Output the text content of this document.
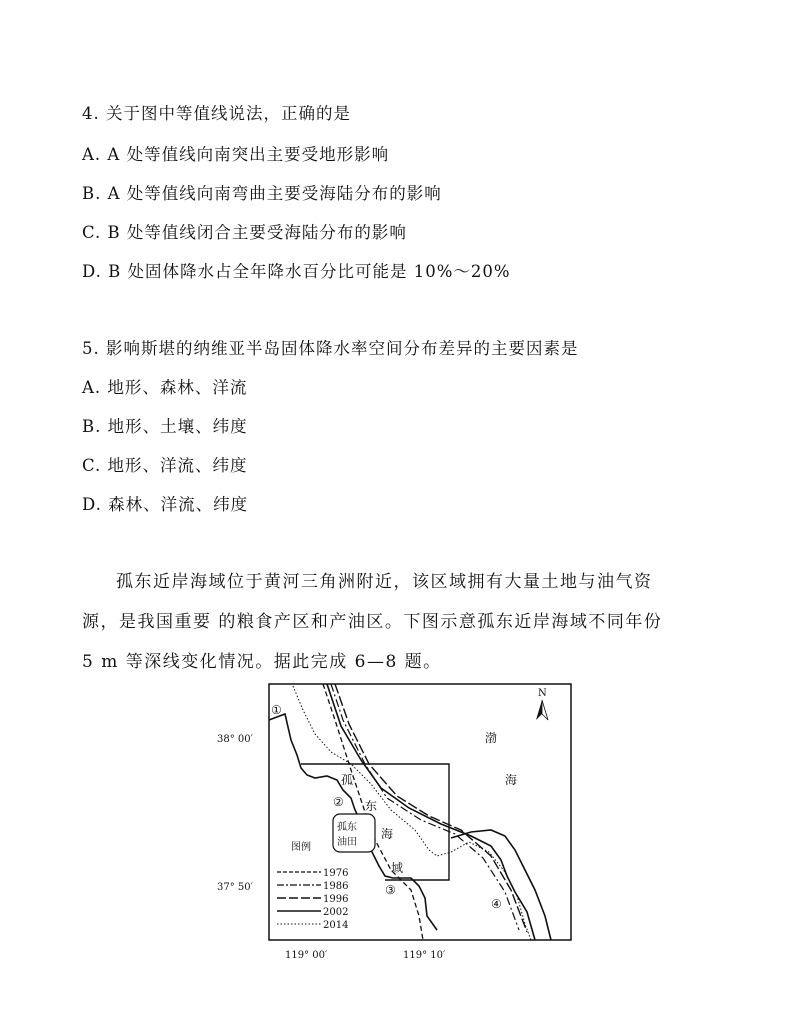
4. 关于图中等值线说法，正确的是
A. A 处等值线向南突出主要受地形影响
B. A 处等值线向南弯曲主要受海陆分布的影响
C. B 处等值线闭合主要受海陆分布的影响
D. B 处固体降水占全年降水百分比可能是 10%～20%
5. 影响斯堪的纳维亚半岛固体降水率空间分布差异的主要因素是
A. 地形、森林、洋流
B. 地形、土壤、纬度
C. 地形、洋流、纬度
D. 森林、洋流、纬度
孤东近岸海域位于黄河三角洲附近，该区域拥有大量土地与油气资
源，是我国重要 的粮食产区和产油区。下图示意孤东近岸海域不同年份
5 m 等深线变化情况。据此完成 6—8 题。
孤东
油田
38° 00′
37° 50′
119° 00′	119° 10′
N
渤
海
孤
东
海
域
①
②
③
④
图例
1976
1986
1996
2002
2014
